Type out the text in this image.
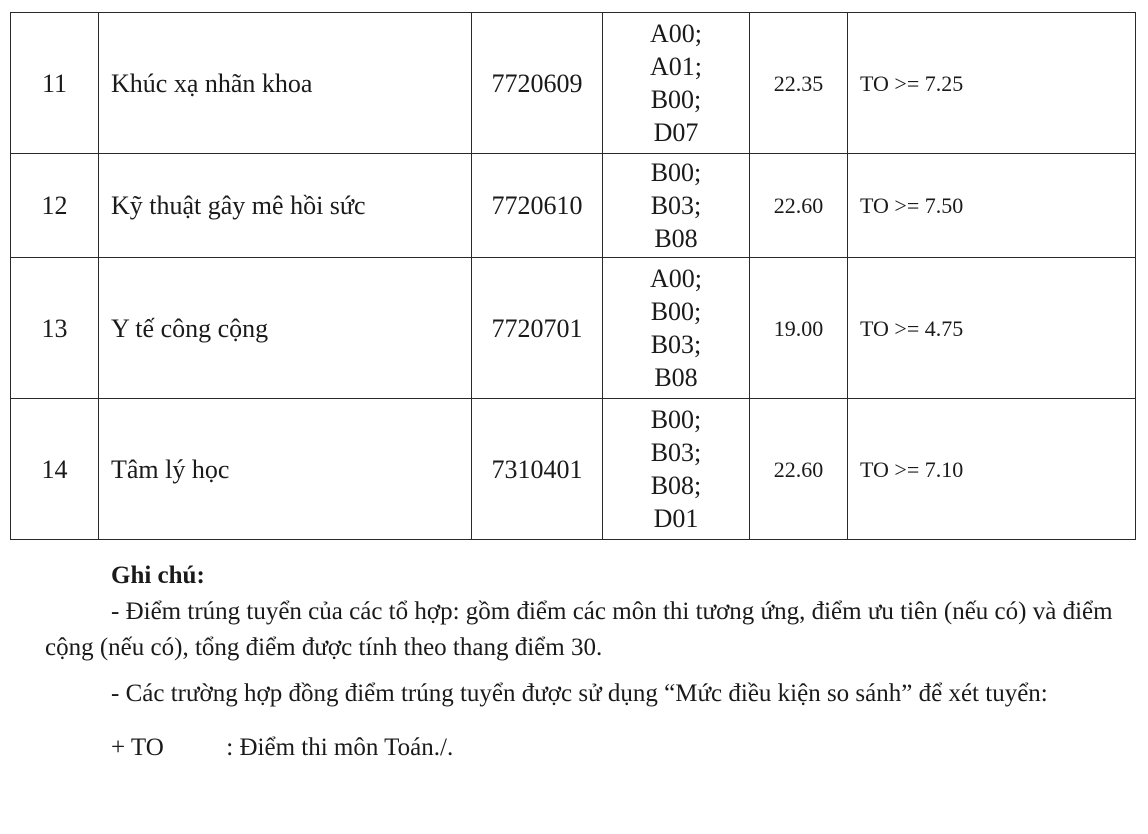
11	Khúc xạ nhãn khoa	7720609	A00;
A01;
B00;
D07	22.35	TO >= 7.25
12	Kỹ thuật gây mê hồi sức	7720610	B00;
B03;
B08	22.60	TO >= 7.50
13	Y tế công cộng	7720701	A00;
B00;
B03;
B08	19.00	TO >= 4.75
14	Tâm lý học	7310401	B00;
B03;
B08;
D01	22.60	TO >= 7.10
Ghi chú:

- Điểm trúng tuyển của các tổ hợp: gồm điểm các môn thi tương ứng, điểm ưu tiên (nếu có) và điểm cộng (nếu có), tổng điểm được tính theo thang điểm 30.

- Các trường hợp đồng điểm trúng tuyển được sử dụng “Mức điều kiện so sánh” để xét tuyển:

+ TO	: Điểm thi môn Toán./.
